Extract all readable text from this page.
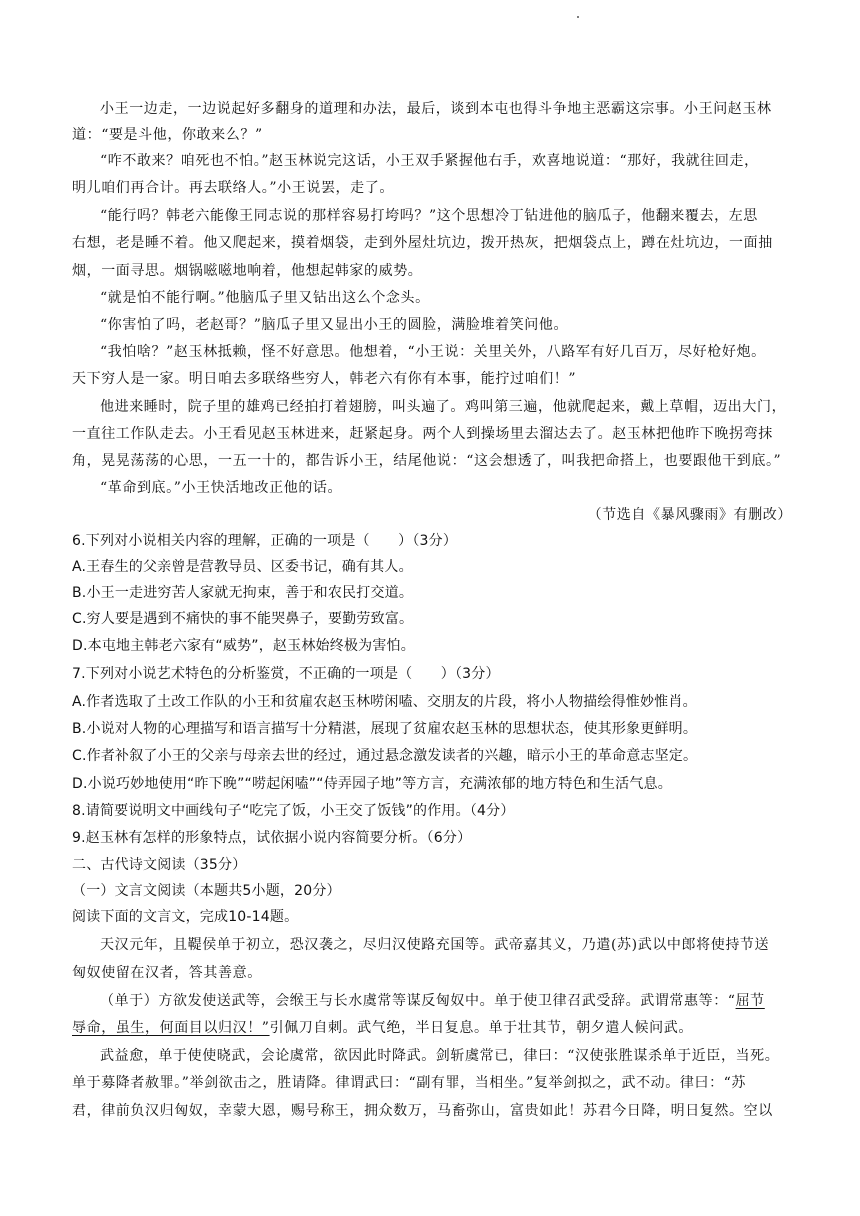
小王一边走，一边说起好多翻身的道理和办法，最后，谈到本屯也得斗争地主恶霸这宗事。小王问赵玉林
道：“要是斗他，你敢来么？”
“咋不敢来？咱死也不怕。”赵玉林说完这话，小王双手紧握他右手，欢喜地说道：“那好，我就往回走，
明儿咱们再合计。再去联络人。”小王说罢，走了。
“能行吗？韩老六能像王同志说的那样容易打垮吗？”这个思想冷丁钻进他的脑瓜子，他翻来覆去，左思
右想，老是睡不着。他又爬起来，摸着烟袋，走到外屋灶坑边，拨开热灰，把烟袋点上，蹲在灶坑边，一面抽
烟，一面寻思。烟锅嗞嗞地响着，他想起韩家的威势。
“就是怕不能行啊。”他脑瓜子里又钻出这么个念头。
“你害怕了吗，老赵哥？”脑瓜子里又显出小王的圆脸，满脸堆着笑问他。
“我怕啥？”赵玉林抵赖，怪不好意思。他想着，“小王说：关里关外，八路军有好几百万，尽好枪好炮。
天下穷人是一家。明日咱去多联络些穷人，韩老六有你有本事，能拧过咱们！”
他进来睡时，院子里的雄鸡已经拍打着翅膀，叫头遍了。鸡叫第三遍，他就爬起来，戴上草帽，迈出大门，
一直往工作队走去。小王看见赵玉林进来，赶紧起身。两个人到操场里去溜达去了。赵玉林把他昨下晚拐弯抹
角，晃晃荡荡的心思，一五一十的，都告诉小王，结尾他说：“这会想透了，叫我把命搭上，也要跟他干到底。”
“革命到底。”小王快活地改正他的话。
（节选自《暴风骤雨》有删改）
6.下列对小说相关内容的理解，正确的一项是（　　）（3分）
A.王春生的父亲曾是营教导员、区委书记，确有其人。
B.小王一走进穷苦人家就无拘束，善于和农民打交道。
C.穷人要是遇到不痛快的事不能哭鼻子，要勤劳致富。
D.本屯地主韩老六家有“威势”，赵玉林始终极为害怕。
7.下列对小说艺术特色的分析鉴赏，不正确的一项是（　　）（3分）
A.作者选取了土改工作队的小王和贫雇农赵玉林唠闲嗑、交朋友的片段，将小人物描绘得惟妙惟肖。
B.小说对人物的心理描写和语言描写十分精湛，展现了贫雇农赵玉林的思想状态，使其形象更鲜明。
C.作者补叙了小王的父亲与母亲去世的经过，通过悬念激发读者的兴趣，暗示小王的革命意志坚定。
D.小说巧妙地使用“昨下晚”“唠起闲嗑”“侍弄园子地”等方言，充满浓郁的地方特色和生活气息。
8.请简要说明文中画线句子“吃完了饭，小王交了饭钱”的作用。（4分）
9.赵玉林有怎样的形象特点，试依据小说内容简要分析。（6分）
二、古代诗文阅读（35分）
（一）文言文阅读（本题共5小题，20分）
阅读下面的文言文，完成10-14题。
天汉元年，且鞮侯单于初立，恐汉袭之，尽归汉使路充国等。武帝嘉其义，乃遣(苏)武以中郎将使持节送
匈奴使留在汉者，答其善意。
（单于）方欲发使送武等，会缑王与长水虞常等谋反匈奴中。单于使卫律召武受辞。武谓常惠等：“屈节
辱命，虽生，何面目以归汉！”引佩刀自刺。武气绝，半日复息。单于壮其节，朝夕遣人候问武。
武益愈，单于使使晓武，会论虞常，欲因此时降武。剑斩虞常已，律曰：“汉使张胜谋杀单于近臣，当死。
单于募降者赦罪。”举剑欲击之，胜请降。律谓武曰：“副有罪，当相坐。”复举剑拟之，武不动。律曰：“苏
君，律前负汉归匈奴，幸蒙大恩，赐号称王，拥众数万，马畜弥山，富贵如此！苏君今日降，明日复然。空以
